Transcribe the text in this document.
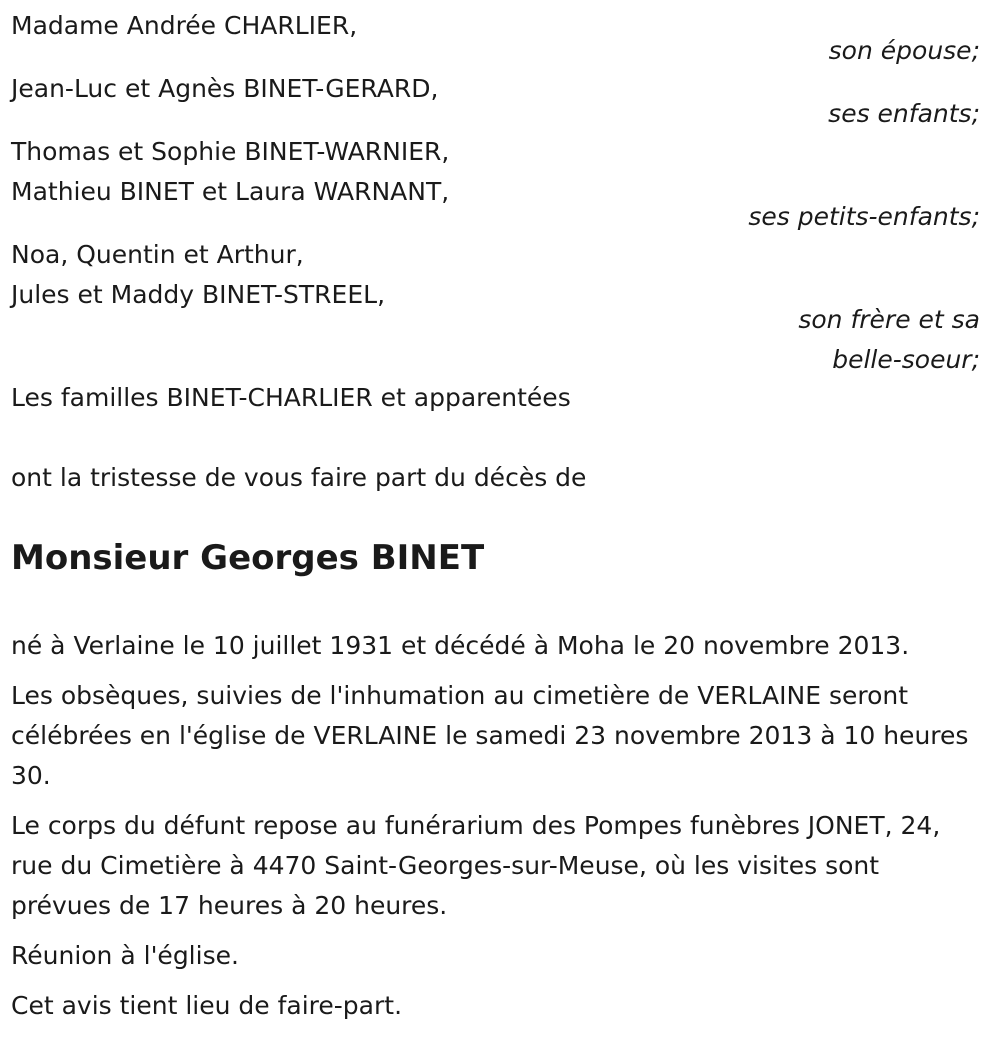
Madame Andrée CHARLIER,
son épouse;
Jean-Luc et Agnès BINET-GERARD,
ses enfants;
Thomas et Sophie BINET-WARNIER,
Mathieu BINET et Laura WARNANT,
ses petits-enfants;
Noa, Quentin et Arthur,
Jules et Maddy BINET-STREEL,
son frère et sa
belle-soeur;
Les familles BINET-CHARLIER et apparentées
ont la tristesse de vous faire part du décès de
Monsieur Georges BINET

né à Verlaine le 10 juillet 1931 et décédé à Moha le 20 novembre 2013.

Les obsèques, suivies de l'inhumation au cimetière de VERLAINE seront célébrées en l'église de VERLAINE le samedi 23 novembre 2013 à 10 heures 30.

Le corps du défunt repose au funérarium des Pompes funèbres JONET, 24, rue du Cimetière à 4470 Saint-Georges-sur-Meuse, où les visites sont prévues de 17 heures à 20 heures.

Réunion à l'église.

Cet avis tient lieu de faire-part.
